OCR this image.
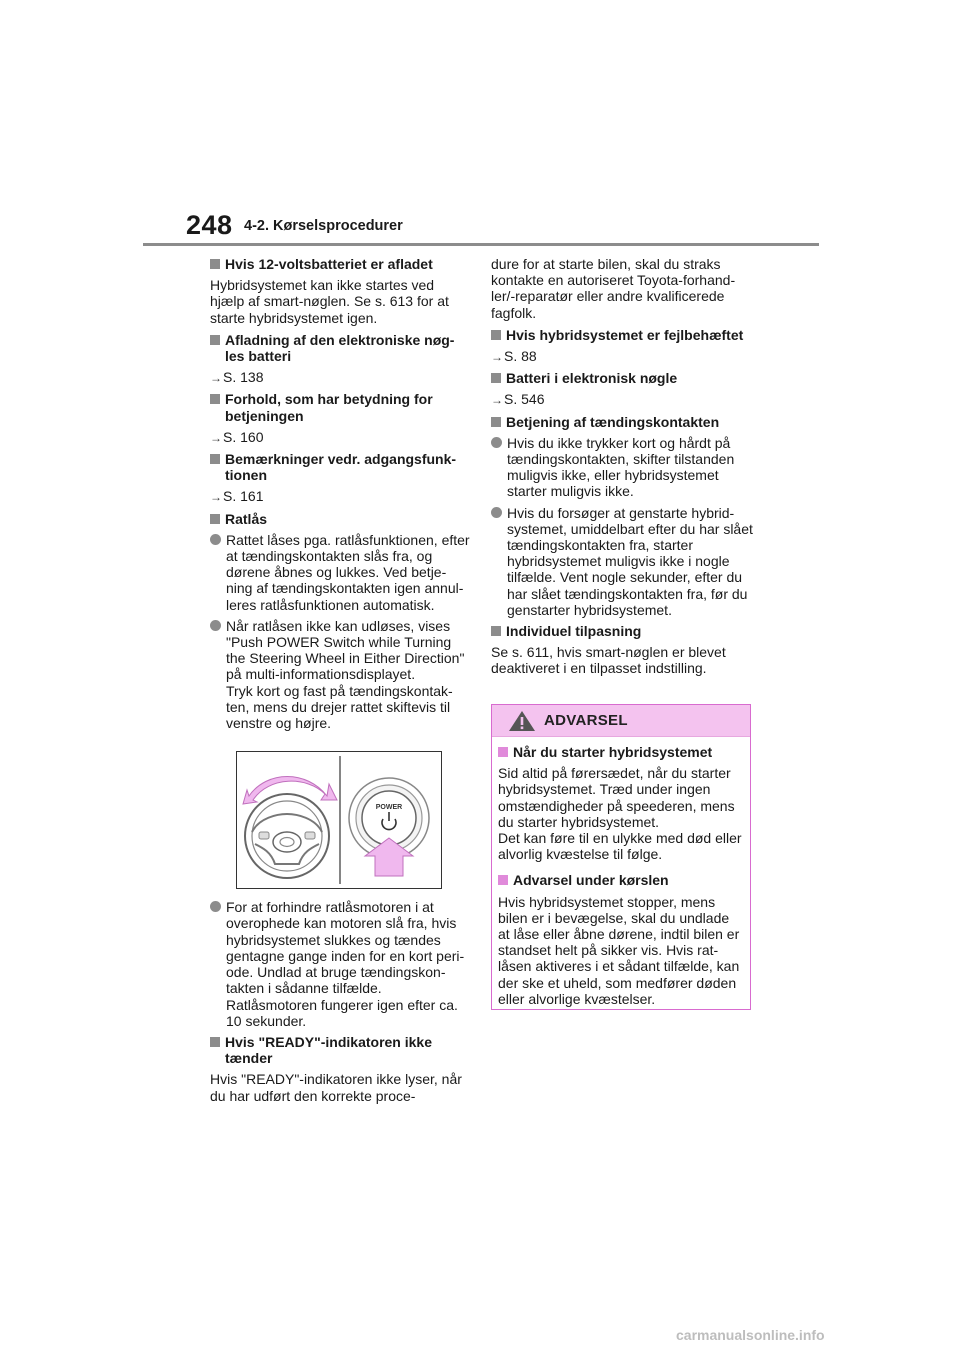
248 4-2. Kørselsprocedurer
Hvis 12-voltsbatteriet er afladet
Hybridsystemet kan ikke startes ved hjælp af smart-nøglen. Se s. 613 for at starte hybridsystemet igen.
Afladning af den elektroniske nøg-les batteri
→S. 138
Forhold, som har betydning for betjeningen
→S. 160
Bemærkninger vedr. adgangsfunk-tionen
→S. 161
Ratlås
Rattet låses pga. ratlåsfunktionen, efter at tændingskontakten slås fra, og dørene åbnes og lukkes. Ved betje-ning af tændingskontakten igen annul-leres ratlåsfunktionen automatisk.
Når ratlåsen ikke kan udløses, vises "Push POWER Switch while Turning the Steering Wheel in Either Direction" på multi-informationsdisplayet.
Tryk kort og fast på tændingskontak-ten, mens du drejer rattet skiftevis til venstre og højre.
POWER
For at forhindre ratlåsmotoren i at overophede kan motoren slå fra, hvis hybridsystemet slukkes og tændes gentagne gange inden for en kort peri-ode. Undlad at bruge tændingskon-takten i sådanne tilfælde.
Ratlåsmotoren fungerer igen efter ca. 10 sekunder.
Hvis "READY"-indikatoren ikke tænder
Hvis "READY"-indikatoren ikke lyser, når du har udført den korrekte proce-
dure for at starte bilen, skal du straks kontakte en autoriseret Toyota-forhand-ler/-reparatør eller andre kvalificerede fagfolk.
Hvis hybridsystemet er fejlbehæftet
→S. 88
Batteri i elektronisk nøgle
→S. 546
Betjening af tændingskontakten
Hvis du ikke trykker kort og hårdt på tændingskontakten, skifter tilstanden muligvis ikke, eller hybridsystemet starter muligvis ikke.
Hvis du forsøger at genstarte hybrid-systemet, umiddelbart efter du har slået tændingskontakten fra, starter hybridsystemet muligvis ikke i nogle tilfælde. Vent nogle sekunder, efter du har slået tændingskontakten fra, før du genstarter hybridsystemet.
Individuel tilpasning
Se s. 611, hvis smart-nøglen er blevet deaktiveret i en tilpasset indstilling.
ADVARSEL
Når du starter hybridsystemet
Sid altid på førersædet, når du starter hybridsystemet. Træd under ingen omstændigheder på speederen, mens du starter hybridsystemet.
Det kan føre til en ulykke med død eller alvorlig kvæstelse til følge.
Advarsel under kørslen
Hvis hybridsystemet stopper, mens bilen er i bevægelse, skal du undlade at låse eller åbne dørene, indtil bilen er standset helt på sikker vis. Hvis rat-låsen aktiveres i et sådant tilfælde, kan der ske et uheld, som medfører døden eller alvorlige kvæstelser.
carmanualsonline.info
